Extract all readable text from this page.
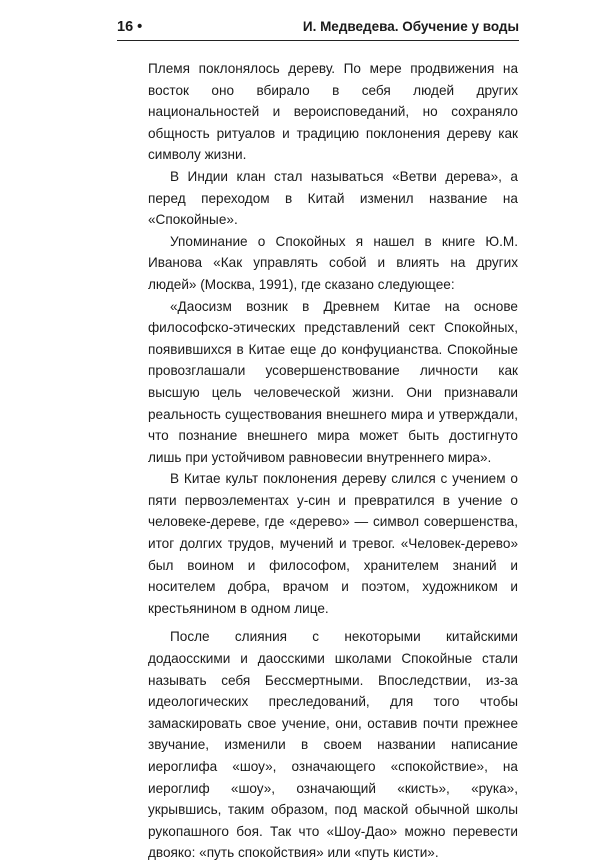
16 •	И. Медведева. Обучение у воды

Племя поклонялось дереву. По мере продвижения на восток оно вбирало в себя людей других национальностей и вероисповеданий, но сохраняло общность ритуалов и традицию поклонения дереву как символу жизни.

В Индии клан стал называться «Ветви дерева», а перед переходом в Китай изменил название на «Спокойные».

Упоминание о Спокойных я нашел в книге Ю.М. Иванова «Как управлять собой и влиять на других людей» (Москва, 1991), где сказано следующее:

«Даосизм возник в Древнем Китае на основе философско-этических представлений сект Спокойных, появившихся в Китае еще до конфуцианства. Спокойные провозглашали усовершенствование личности как высшую цель человеческой жизни. Они признавали реальность существования внешнего мира и утверждали, что познание внешнего мира может быть достигнуто лишь при устойчивом равновесии внутреннего мира».

В Китае культ поклонения дереву слился с учением о пяти первоэлементах у-син и превратился в учение о человеке-дереве, где «дерево» — символ совершенства, итог долгих трудов, мучений и тревог. «Человек-дерево» был воином и философом, хранителем знаний и носителем добра, врачом и поэтом, художником и крестьянином в одном лице.

После слияния с некоторыми китайскими додаосскими и даосскими школами Спокойные стали называть себя Бессмертными. Впоследствии, из-за идеологических преследований, для того чтобы замаскировать свое учение, они, оставив почти прежнее звучание, изменили в своем названии написание иероглифа «шоу», означающего «спокойствие», на иероглиф «шоу», означающий «кисть», «рука», укрывшись, таким образом, под маской обычной школы рукопашного боя. Так что «Шоу-Дао» можно перевести двояко: «путь спокойствия» или «путь кисти».
